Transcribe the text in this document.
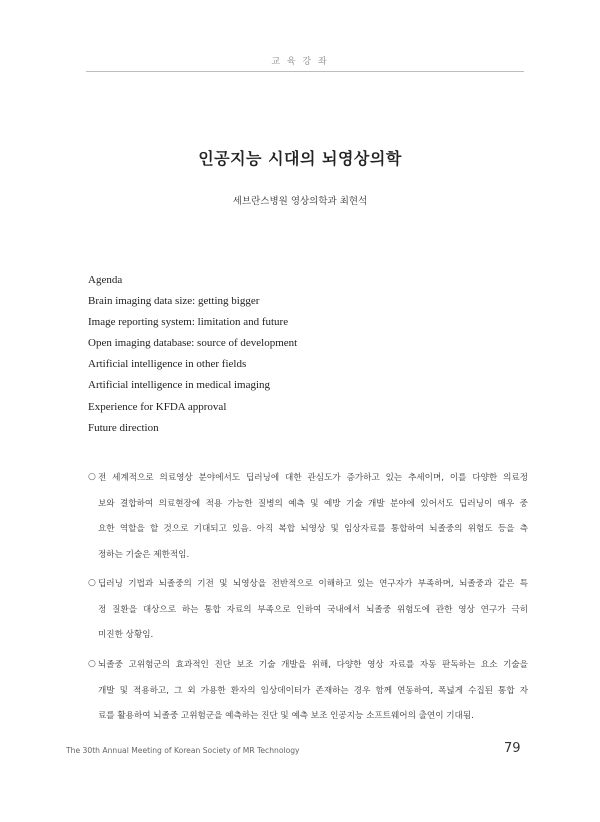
교 육 강 좌
인공지능 시대의 뇌영상의학
세브란스병원 영상의학과 최현석
Agenda
Brain imaging data size: getting bigger
Image reporting system: limitation and future
Open imaging database: source of development
Artificial intelligence in other fields
Artificial intelligence in medical imaging
Experience for KFDA approval
Future direction
○ 전 세계적으로 의료영상 분야에서도 딥러닝에 대한 관심도가 증가하고 있는 추세이며, 이를 다양한 의료정
보와 결합하여 의료현장에 적용 가능한 질병의 예측 및 예방 기술 개발 분야에 있어서도 딥러닝이 매우 중
요한 역할을 할 것으로 기대되고 있음. 아직 복합 뇌영상 및 임상자료를 통합하여 뇌졸중의 위험도 등을 측
정하는 기술은 제한적임.
○ 딥러닝 기법과 뇌졸중의 기전 및 뇌영상을 전반적으로 이해하고 있는 연구자가 부족하며, 뇌졸중과 같은 특
정 질환을 대상으로 하는 통합 자료의 부족으로 인하여 국내에서 뇌졸중 위험도에 관한 영상 연구가 극히
미진한 상황임.
○ 뇌졸중 고위험군의 효과적인 진단 보조 기술 개발을 위해, 다양한 영상 자료를 자동 판독하는 요소 기술을
개발 및 적용하고, 그 외 가용한 환자의 임상데이터가 존재하는 경우 함께 연동하여, 폭넓게 수집된 통합 자
료를 활용하여 뇌졸중 고위험군을 예측하는 진단 및 예측 보조 인공지능 소프트웨어의 출연이 기대됨.
The 30th Annual Meeting of Korean Society of MR Technology	79
